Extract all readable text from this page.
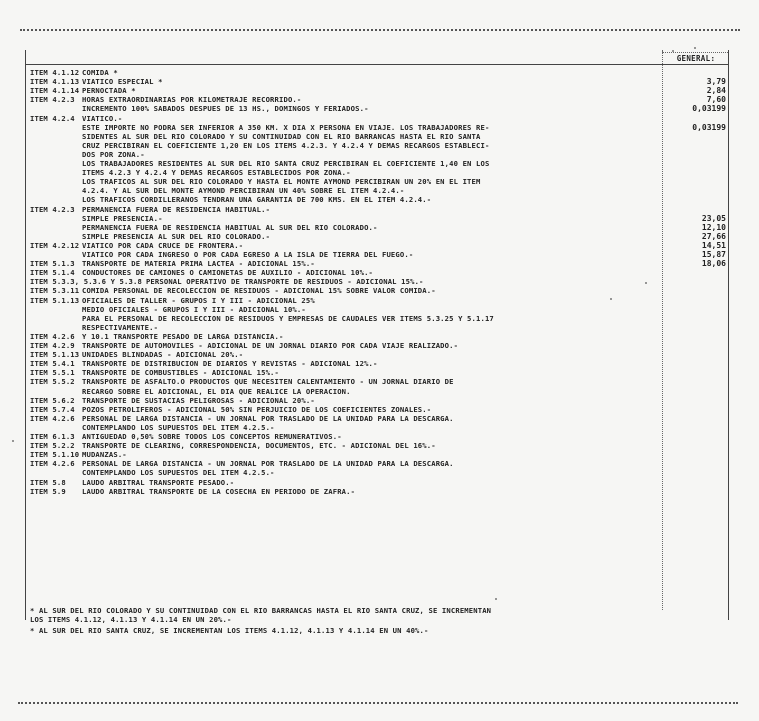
GENERAL:
ITEM 4.1.12 COMIDA *
ITEM 4.1.13 VIATICO ESPECIAL *
ITEM 4.1.14 PERNOCTADA *
ITEM 4.2.3 HORAS EXTRAORDINARIAS POR KILOMETRAJE RECORRIDO.-
INCREMENTO 100% SABADOS DESPUES DE 13 HS., DOMINGOS Y FERIADOS.-
ITEM 4.2.4 VIATICO.-
ESTE IMPORTE NO PODRA SER INFERIOR A 350 KM. X DIA X PERSONA EN VIAJE. LOS TRABAJADORES RE-
SIDENTES AL SUR DEL RIO COLORADO Y SU CONTINUIDAD CON EL RIO BARRANCAS HASTA EL RIO SANTA
CRUZ PERCIBIRAN EL COEFICIENTE 1,20 EN LOS ITEMS 4.2.3. Y 4.2.4 Y DEMAS RECARGOS ESTABLECI-
DOS POR ZONA.-
LOS TRABAJADORES RESIDENTES AL SUR DEL RIO SANTA CRUZ PERCIBIRAN EL COEFICIENTE 1,40 EN LOS
ITEMS 4.2.3 Y 4.2.4 Y DEMAS RECARGOS ESTABLECIDOS POR ZONA.-
LOS TRAFICOS AL SUR DEL RIO COLORADO Y HASTA EL MONTE AYMOND PERCIBIRAN UN 20% EN EL ITEM
4.2.4. Y AL SUR DEL MONTE AYMOND PERCIBIRAN UN 40% SOBRE EL ITEM 4.2.4.-
LOS TRAFICOS CORDILLERANOS TENDRAN UNA GARANTIA DE 700 KMS. EN EL ITEM 4.2.4.-
ITEM 4.2.3 PERMANENCIA FUERA DE RESIDENCIA HABITUAL.-
SIMPLE PRESENCIA.-
PERMANENCIA FUERA DE RESIDENCIA HABITUAL AL SUR DEL RIO COLORADO.-
SIMPLE PRESENCIA AL SUR DEL RIO COLORADO.-
ITEM 4.2.12 VIATICO POR CADA CRUCE DE FRONTERA.-
VIATICO POR CADA INGRESO O POR CADA EGRESO A LA ISLA DE TIERRA DEL FUEGO.-
ITEM 5.1.3 TRANSPORTE DE MATERIA PRIMA LACTEA - ADICIONAL 15%.-
ITEM 5.1.4 CONDUCTORES DE CAMIONES O CAMIONETAS DE AUXILIO - ADICIONAL 10%.-
ITEM 5.3.3, 5.3.6 Y 5.3.8 PERSONAL OPERATIVO DE TRANSPORTE DE RESIDUOS - ADICIONAL 15%.-
ITEM 5.3.11 COMIDA PERSONAL DE RECOLECCION DE RESIDUOS - ADICIONAL 15% SOBRE VALOR COMIDA.-
ITEM 5.1.13 OFICIALES DE TALLER - GRUPOS I Y III - ADICIONAL 25%
MEDIO OFICIALES - GRUPOS I Y III - ADICIONAL 10%.-
PARA EL PERSONAL DE RECOLECCION DE RESIDUOS Y EMPRESAS DE CAUDALES VER ITEMS 5.3.25 Y 5.1.17
RESPECTIVAMENTE.-
ITEM 4.2.6 Y 10.1 TRANSPORTE PESADO DE LARGA DISTANCIA.-
ITEM 4.2.9 TRANSPORTE DE AUTOMOVILES - ADICIONAL DE UN JORNAL DIARIO POR CADA VIAJE REALIZADO.-
ITEM 5.1.13 UNIDADES BLINDADAS - ADICIONAL 20%.-
ITEM 5.4.1 TRANSPORTE DE DISTRIBUCION DE DIARIOS Y REVISTAS - ADICIONAL 12%.-
ITEM 5.5.1 TRANSPORTE DE COMBUSTIBLES - ADICIONAL 15%.-
ITEM 5.5.2 TRANSPORTE DE ASFALTO.O PRODUCTOS QUE NECESITEN CALENTAMIENTO - UN JORNAL DIARIO DE
RECARGO SOBRE EL ADICIONAL, EL DIA QUE REALICE LA OPERACION.
ITEM 5.6.2 TRANSPORTE DE SUSTACIAS PELIGROSAS - ADICIONAL 20%.-
ITEM 5.7.4 POZOS PETROLIFEROS - ADICIONAL 50% SIN PERJUICIO DE LOS COEFICIENTES ZONALES.-
ITEM 4.2.6 PERSONAL DE LARGA DISTANCIA - UN JORNAL POR TRASLADO DE LA UNIDAD PARA LA DESCARGA.
CONTEMPLANDO LOS SUPUESTOS DEL ITEM 4.2.5.-
ITEM 6.1.3 ANTIGUEDAD 0,50% SOBRE TODOS LOS CONCEPTOS REMUNERATIVOS.-
ITEM 5.2.2 TRANSPORTE DE CLEARING, CORRESPONDENCIA, DOCUMENTOS, ETC. - ADICIONAL DEL 16%.-
ITEM 5.1.10 MUDANZAS.-
ITEM 4.2.6 PERSONAL DE LARGA DISTANCIA - UN JORNAL POR TRASLADO DE LA UNIDAD PARA LA DESCARGA.
CONTEMPLANDO LOS SUPUESTOS DEL ITEM 4.2.5.-
ITEM 5.8 LAUDO ARBITRAL TRANSPORTE PESADO.-
ITEM 5.9 LAUDO ARBITRAL TRANSPORTE DE LA COSECHA EN PERIODO DE ZAFRA.-
3,79
2,84
7,60
0,03199
0,03199
23,05
12,10
27,66
14,51
15,87
18,06
* AL SUR DEL RIO COLORADO Y SU CONTINUIDAD CON EL RIO BARRANCAS HASTA EL RIO SANTA CRUZ, SE INCREMENTAN
LOS ITEMS 4.1.12, 4.1.13 Y 4.1.14 EN UN 20%.-
* AL SUR DEL RIO SANTA CRUZ, SE INCREMENTAN LOS ITEMS 4.1.12, 4.1.13 Y 4.1.14 EN UN 40%.-
